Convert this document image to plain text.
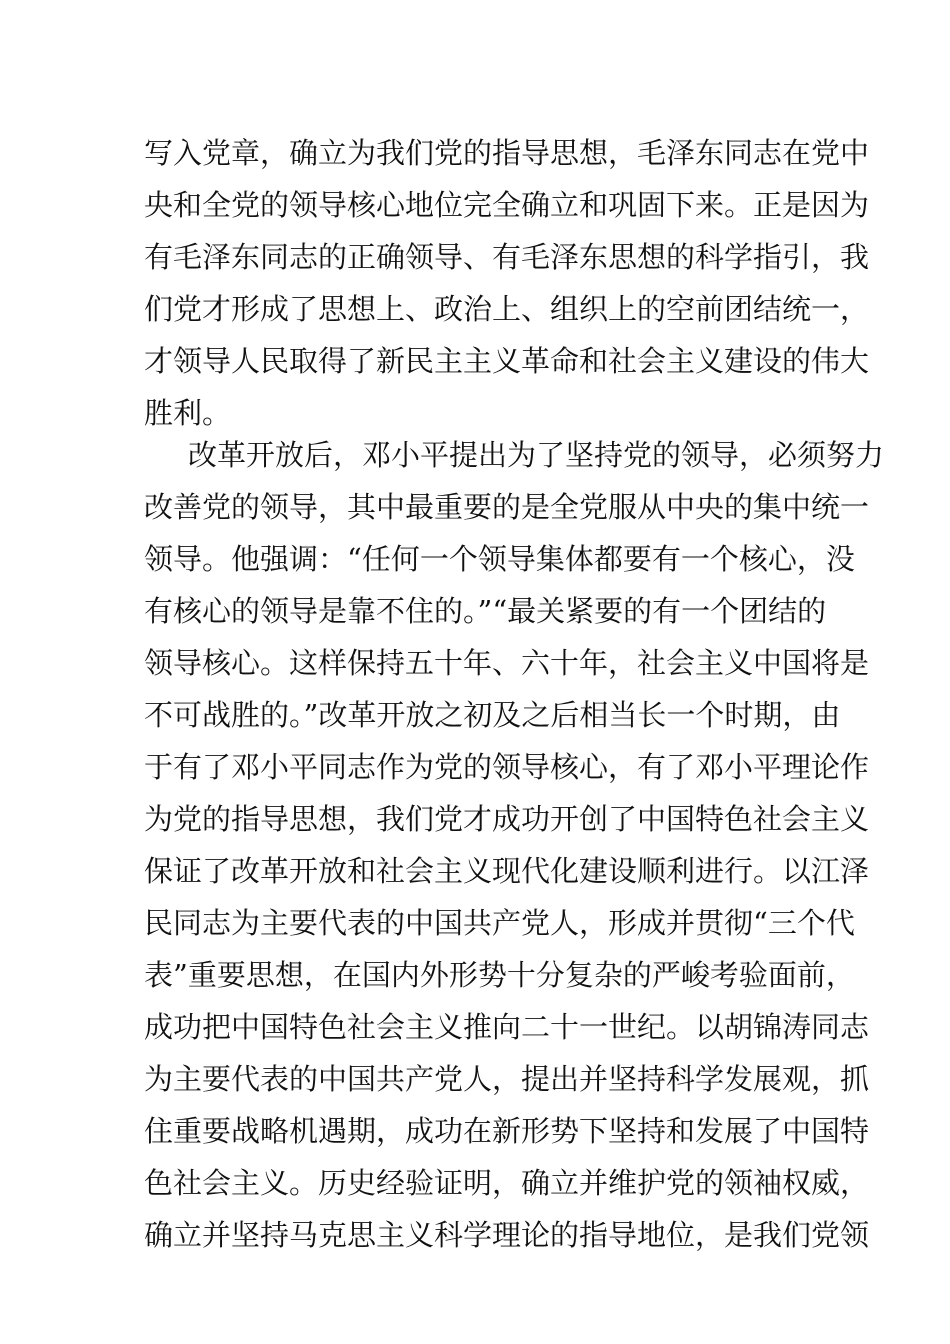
写入党章，确立为我们党的指导思想，毛泽东同志在党中
央和全党的领导核心地位完全确立和巩固下来。正是因为
有毛泽东同志的正确领导、有毛泽东思想的科学指引，我
们党才形成了思想上、政治上、组织上的空前团结统一，
才领导人民取得了新民主主义革命和社会主义建设的伟大
胜利。
改革开放后，邓小平提出为了坚持党的领导，必须努力
改善党的领导，其中最重要的是全党服从中央的集中统一
领导。他强调：“任何一个领导集体都要有一个核心，没
有核心的领导是靠不住的。”“最关紧要的有一个团结的
领导核心。这样保持五十年、六十年，社会主义中国将是
不可战胜的。”改革开放之初及之后相当长一个时期，由
于有了邓小平同志作为党的领导核心，有了邓小平理论作
为党的指导思想，我们党才成功开创了中国特色社会主义
保证了改革开放和社会主义现代化建设顺利进行。以江泽
民同志为主要代表的中国共产党人，形成并贯彻“三个代
表”重要思想，在国内外形势十分复杂的严峻考验面前，
成功把中国特色社会主义推向二十一世纪。以胡锦涛同志
为主要代表的中国共产党人，提出并坚持科学发展观，抓
住重要战略机遇期，成功在新形势下坚持和发展了中国特
色社会主义。历史经验证明，确立并维护党的领袖权威，
确立并坚持马克思主义科学理论的指导地位，是我们党领
